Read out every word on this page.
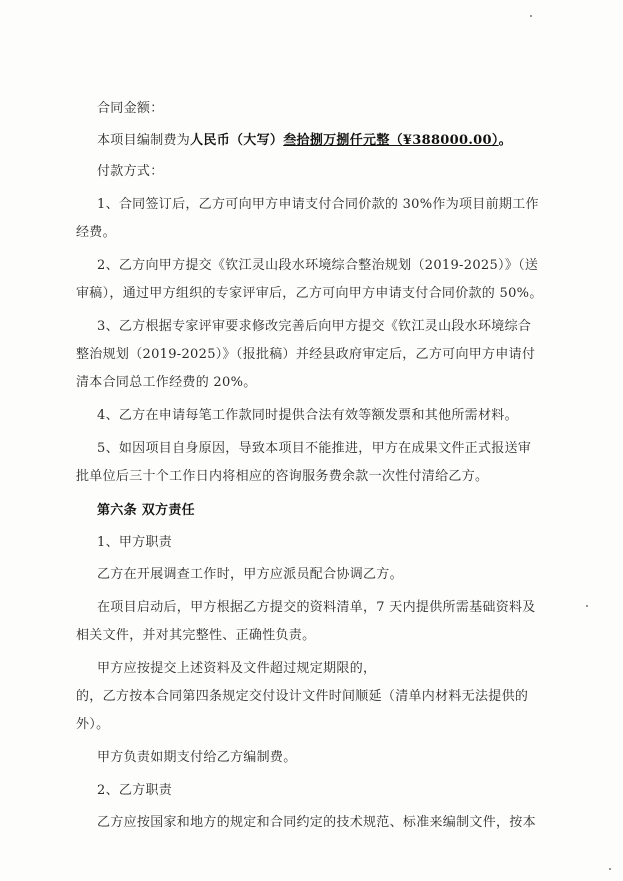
合同金额：
本项目编制费为人民币（大写）叁拾捌万捌仟元整（¥388000.00）。
付款方式：
1、合同签订后，乙方可向甲方申请支付合同价款的 30%作为项目前期工作
经费。
2、乙方向甲方提交《钦江灵山段水环境综合整治规划（2019-2025）》（送
审稿），通过甲方组织的专家评审后，乙方可向甲方申请支付合同价款的 50%。
3、乙方根据专家评审要求修改完善后向甲方提交《钦江灵山段水环境综合
整治规划（2019-2025）》（报批稿）并经县政府审定后，乙方可向甲方申请付
清本合同总工作经费的 20%。
4、乙方在申请每笔工作款同时提供合法有效等额发票和其他所需材料。
5、如因项目自身原因，导致本项目不能推进，甲方在成果文件正式报送审
批单位后三十个工作日内将相应的咨询服务费余款一次性付清给乙方。
第六条 双方责任
1、甲方职责
乙方在开展调查工作时，甲方应派员配合协调乙方。
在项目启动后，甲方根据乙方提交的资料清单，7 天内提供所需基础资料及
相关文件，并对其完整性、正确性负责。
甲方应按提交上述资料及文件超过规定期限的，
的，乙方按本合同第四条规定交付设计文件时间顺延（清单内材料无法提供的
外）。
甲方负责如期支付给乙方编制费。
2、乙方职责
乙方应按国家和地方的规定和合同约定的技术规范、标准来编制文件，按本
